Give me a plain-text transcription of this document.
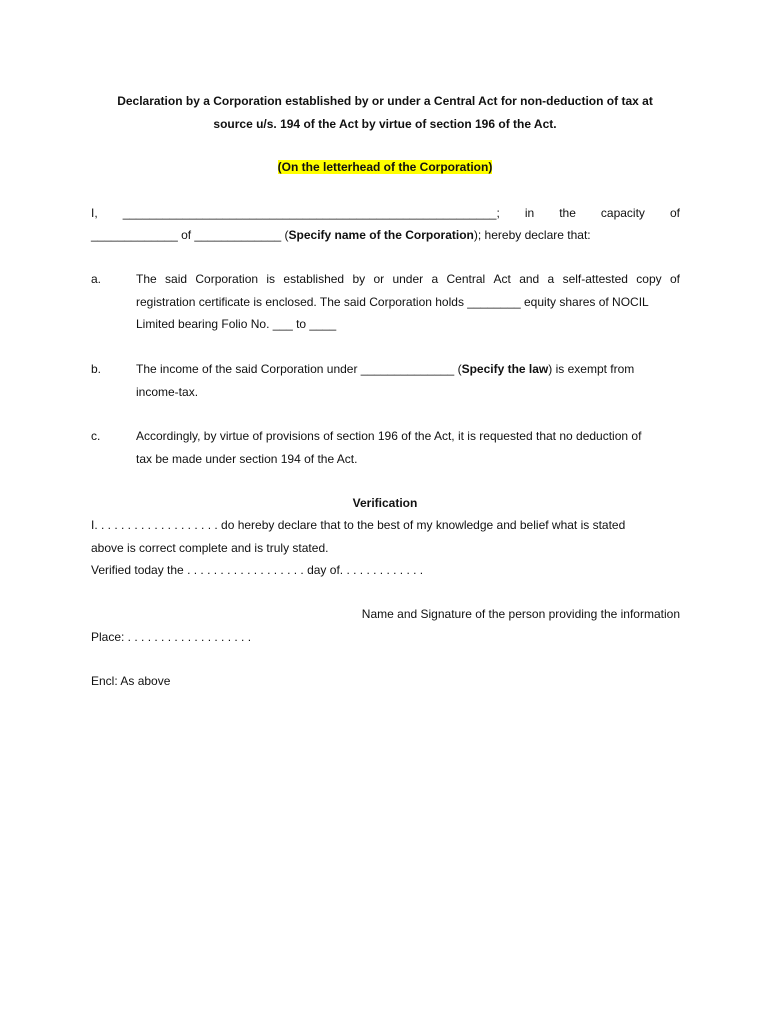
Declaration by a Corporation established by or under a Central Act for non-deduction of tax at
source u/s. 194 of the Act by virtue of section 196 of the Act.
(On the letterhead of the Corporation)
I, ________________________________________________________; in the capacity of
_____________ of _____________ (Specify name of the Corporation); hereby declare that:
a.	The said Corporation is established by or under a Central Act and a self-attested copy of
registration certificate is enclosed. The said Corporation holds ________ equity shares of NOCIL
Limited bearing Folio No. ___ to ____
b.	The income of the said Corporation under ______________ (Specify the law) is exempt from
income-tax.
c.	Accordingly, by virtue of provisions of section 196 of the Act, it is requested that no deduction of
tax be made under section 194 of the Act.
Verification
I. . . . . . . . . . . . . . . . . . . do hereby declare that to the best of my knowledge and belief what is stated
above is correct complete and is truly stated.
Verified today the . . . . . . . . . . . . . . . . . . day of. . . . . . . . . . . . .
Name and Signature of the person providing the information
Place: . . . . . . . . . . . . . . . . . . .
Encl: As above
